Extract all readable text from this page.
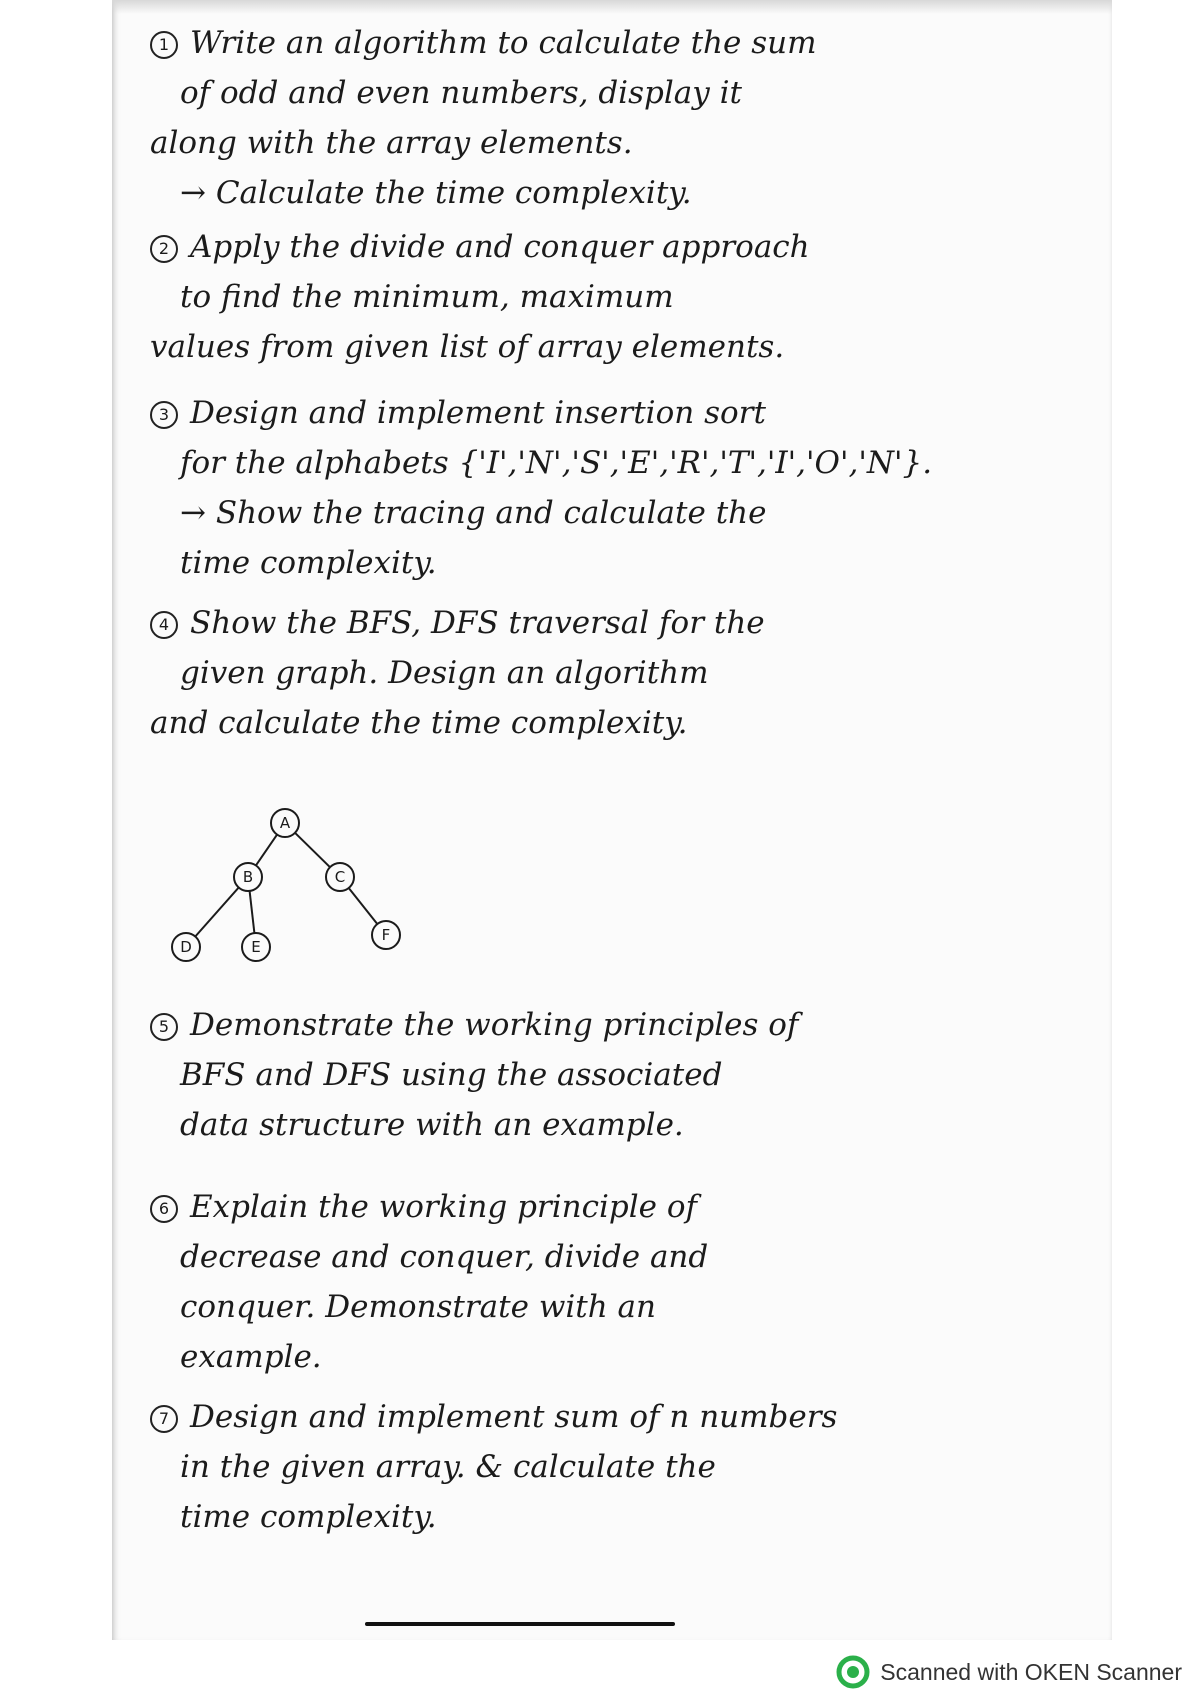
1 Write an algorithm to calculate the sum
of odd and even numbers, display it
along with the array elements.
→ Calculate the time complexity.
2 Apply the divide and conquer approach
to find the minimum, maximum
values from given list of array elements.
3 Design and implement insertion sort
for the alphabets {'I','N','S','E','R','T','I','O','N'}.
→ Show the tracing and calculate the
time complexity.
4 Show the BFS, DFS traversal for the
given graph. Design an algorithm
and calculate the time complexity.
A
B	C
D	E
F
5 Demonstrate the working principles of
BFS and DFS using the associated
data structure with an example.
6 Explain the working principle of
decrease and conquer, divide and
conquer. Demonstrate with an
example.
7 Design and implement sum of n numbers
in the given array. & calculate the
time complexity.
Scanned with OKEN Scanner
